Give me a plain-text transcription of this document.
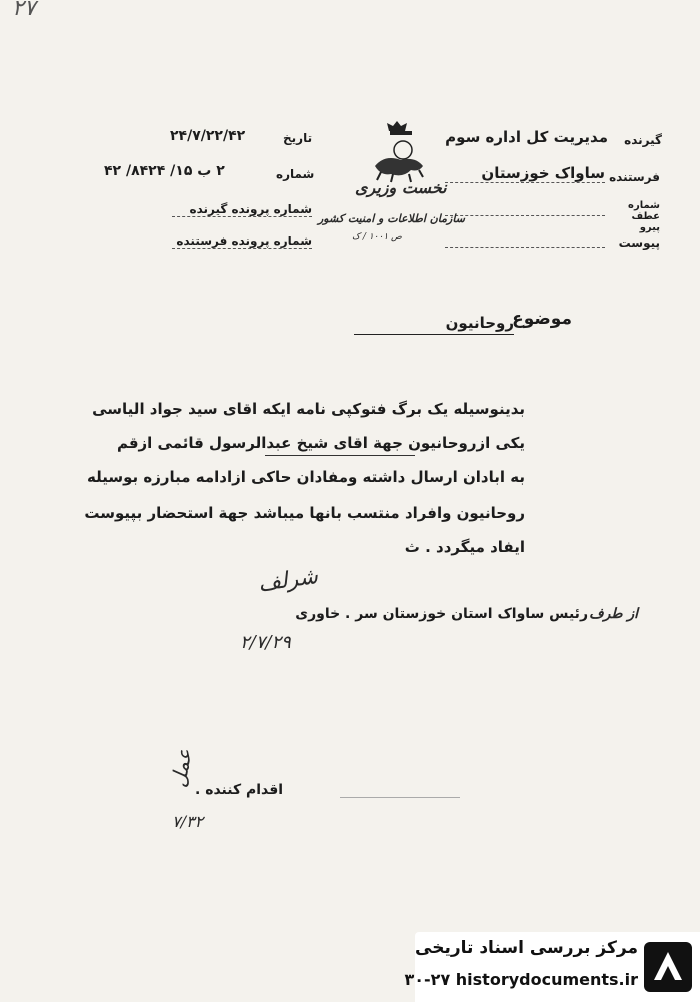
۲۷
گیرنده
مدیریت کل اداره سوم
فرستنده
ساواک خوزستان
شماره عطف پیرو
پیوست
نخست وزیری
سازمان اطلاعات و امنیت کشور
ص ۱۰۰۱ / ک
تاریخ
۲۴/۷/۲۲/۴۲
شماره
۲ ب ۱۵/ ۸۴۲۴/ ۴۲
شماره پرونده گیرنده
شماره پرونده فرستنده
موضوع
روحانیون
بدینوسیله یک برگ فتوکپی نامه ایکه اقای سید جواد الیاسی
یکی ازروحانیون جهة اقای شیخ عبدالرسول قائمی ازقم
به ابادان ارسال داشته ومفادان حاکی ازادامه مبارزه بوسیله
روحانیون وافراد منتسب بانها میباشد جهة استحضار بپیوست
ایفاد میگردد . ث
شرلف
از طرف
رئیس ساواک استان خوزستان سر . خاوری
۲/۷/۲۹
عمل
اقدام کننده .
۷/۳۲
مرکز بررسی اسناد تاریخی
۳۰-۲۷ historydocuments.ir
